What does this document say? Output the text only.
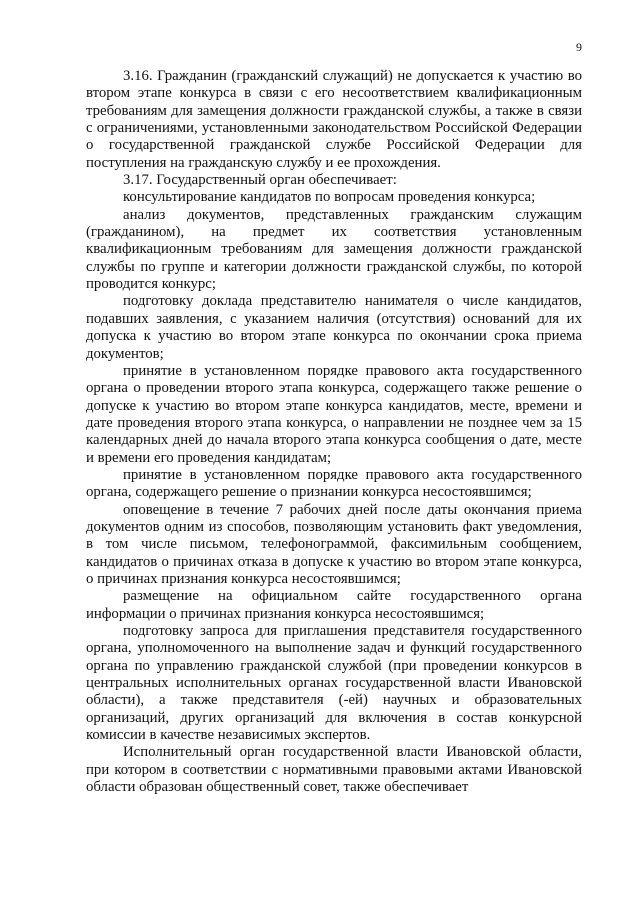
9

3.16. Гражданин (гражданский служащий) не допускается к участию во втором этапе конкурса в связи с его несоответствием квалификационным требованиям для замещения должности гражданской службы, а также в связи с ограничениями, установленными законодательством Российской Федерации о государственной гражданской службе Российской Федерации для поступления на гражданскую службу и ее прохождения.

3.17. Государственный орган обеспечивает:

консультирование кандидатов по вопросам проведения конкурса;

анализ документов, представленных гражданским служащим (гражданином), на предмет их соответствия установленным квалификационным требованиям для замещения должности гражданской службы по группе и категории должности гражданской службы, по которой проводится конкурс;

подготовку доклада представителю нанимателя о числе кандидатов, подавших заявления, с указанием наличия (отсутствия) оснований для их допуска к участию во втором этапе конкурса по окончании срока приема документов;

принятие в установленном порядке правового акта государственного органа о проведении второго этапа конкурса, содержащего также решение о допуске к участию во втором этапе конкурса кандидатов, месте, времени и дате проведения второго этапа конкурса, о направлении не позднее чем за 15 календарных дней до начала второго этапа конкурса сообщения о дате, месте и времени его проведения кандидатам;

принятие в установленном порядке правового акта государственного органа, содержащего решение о признании конкурса несостоявшимся;

оповещение в течение 7 рабочих дней после даты окончания приема документов одним из способов, позволяющим установить факт уведомления, в том числе письмом, телефонограммой, факсимильным сообщением, кандидатов о причинах отказа в допуске к участию во втором этапе конкурса, о причинах признания конкурса несостоявшимся;

размещение на официальном сайте государственного органа информации о причинах признания конкурса несостоявшимся;

подготовку запроса для приглашения представителя государственного органа, уполномоченного на выполнение задач и функций государственного органа по управлению гражданской службой (при проведении конкурсов в центральных исполнительных органах государственной власти Ивановской области), а также представителя (-ей) научных и образовательных организаций, других организаций для включения в состав конкурсной комиссии в качестве независимых экспертов.

Исполнительный орган государственной власти Ивановской области, при котором в соответствии с нормативными правовыми актами Ивановской области образован общественный совет, также обеспечивает
